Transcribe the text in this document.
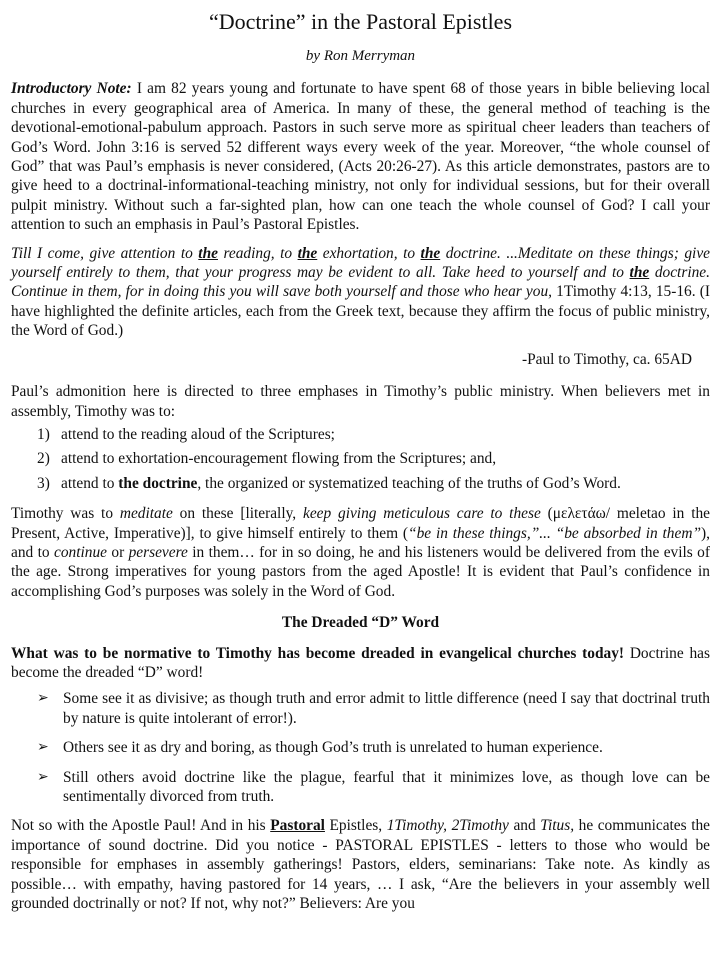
“Doctrine” in the Pastoral Epistles
by Ron Merryman

Introductory Note: I am 82 years young and fortunate to have spent 68 of those years in bible believing local churches in every geographical area of America. In many of these, the general method of teaching is the devotional-emotional-pabulum approach. Pastors in such serve more as spiritual cheer leaders than teachers of God’s Word. John 3:16 is served 52 different ways every week of the year. Moreover, “the whole counsel of God” that was Paul’s emphasis is never considered, (Acts 20:26-27). As this article demonstrates, pastors are to give heed to a doctrinal-informational-teaching ministry, not only for individual sessions, but for their overall pulpit ministry. Without such a far-sighted plan, how can one teach the whole counsel of God? I call your attention to such an emphasis in Paul’s Pastoral Epistles.

Till I come, give attention to the reading, to the exhortation, to the doctrine. ...Meditate on these things; give yourself entirely to them, that your progress may be evident to all. Take heed to yourself and to the doctrine. Continue in them, for in doing this you will save both yourself and those who hear you, 1Timothy 4:13, 15-16. (I have highlighted the definite articles, each from the Greek text, because they affirm the focus of public ministry, the Word of God.)

-Paul to Timothy, ca. 65AD

Paul’s admonition here is directed to three emphases in Timothy’s public ministry. When believers met in assembly, Timothy was to:

1) attend to the reading aloud of the Scriptures;
2) attend to exhortation-encouragement flowing from the Scriptures; and,
3) attend to the doctrine, the organized or systematized teaching of the truths of God’s Word.

Timothy was to meditate on these [literally, keep giving meticulous care to these (μελετάω/ meletao in the Present, Active, Imperative)], to give himself entirely to them (“be in these things,”... “be absorbed in them”), and to continue or persevere in them… for in so doing, he and his listeners would be delivered from the evils of the age. Strong imperatives for young pastors from the aged Apostle! It is evident that Paul’s confidence in accomplishing God’s purposes was solely in the Word of God.

The Dreaded “D” Word

What was to be normative to Timothy has become dreaded in evangelical churches today! Doctrine has become the dreaded “D” word!

➢ Some see it as divisive; as though truth and error admit to little difference (need I say that doctrinal truth by nature is quite intolerant of error!).
➢ Others see it as dry and boring, as though God’s truth is unrelated to human experience.
➢ Still others avoid doctrine like the plague, fearful that it minimizes love, as though love can be sentimentally divorced from truth.

Not so with the Apostle Paul! And in his Pastoral Epistles, 1Timothy, 2Timothy and Titus, he communicates the importance of sound doctrine. Did you notice - PASTORAL EPISTLES - letters to those who would be responsible for emphases in assembly gatherings! Pastors, elders, seminarians: Take note. As kindly as possible… with empathy, having pastored for 14 years, … I ask, “Are the believers in your assembly well grounded doctrinally or not? If not, why not?” Believers: Are you
